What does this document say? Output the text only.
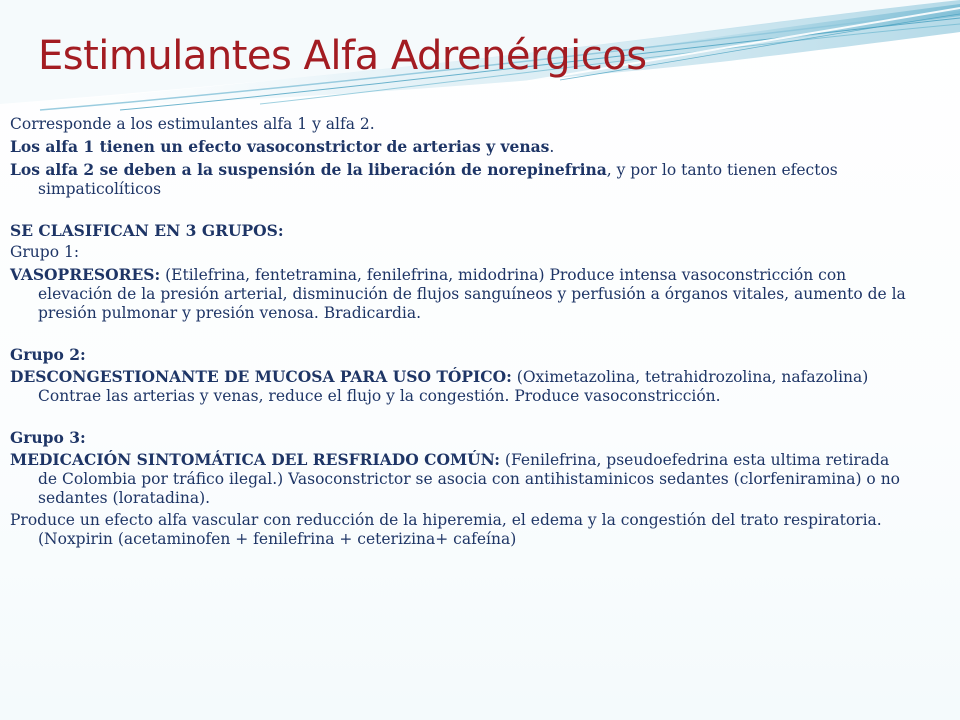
Estimulantes Alfa Adrenérgicos

Corresponde a los estimulantes alfa 1 y alfa 2.

Los alfa 1 tienen un efecto vasoconstrictor de arterias y venas.

Los alfa 2 se deben a la suspensión de la liberación de norepinefrina, y por lo tanto tienen efectos simpaticolíticos

SE CLASIFICAN EN 3 GRUPOS:

Grupo 1:

VASOPRESORES: (Etilefrina, fentetramina, fenilefrina, midodrina) Produce intensa vasoconstricción con elevación de la presión arterial, disminución de flujos sanguíneos y perfusión a órganos vitales, aumento de la presión pulmonar y presión venosa. Bradicardia.

Grupo 2:

DESCONGESTIONANTE DE MUCOSA PARA USO TÓPICO: (Oximetazolina, tetrahidrozolina, nafazolina) Contrae las arterias y venas, reduce el flujo y la congestión. Produce vasoconstricción.

Grupo 3:

MEDICACIÓN SINTOMÁTICA DEL RESFRIADO COMÚN: (Fenilefrina, pseudoefedrina esta ultima retirada de Colombia por tráfico ilegal.) Vasoconstrictor se asocia con antihistaminicos sedantes (clorfeniramina) o no sedantes (loratadina).

Produce un efecto alfa vascular con reducción de la hiperemia, el edema y la congestión del trato respiratoria. (Noxpirin (acetaminofen + fenilefrina + ceterizina+ cafeína)
